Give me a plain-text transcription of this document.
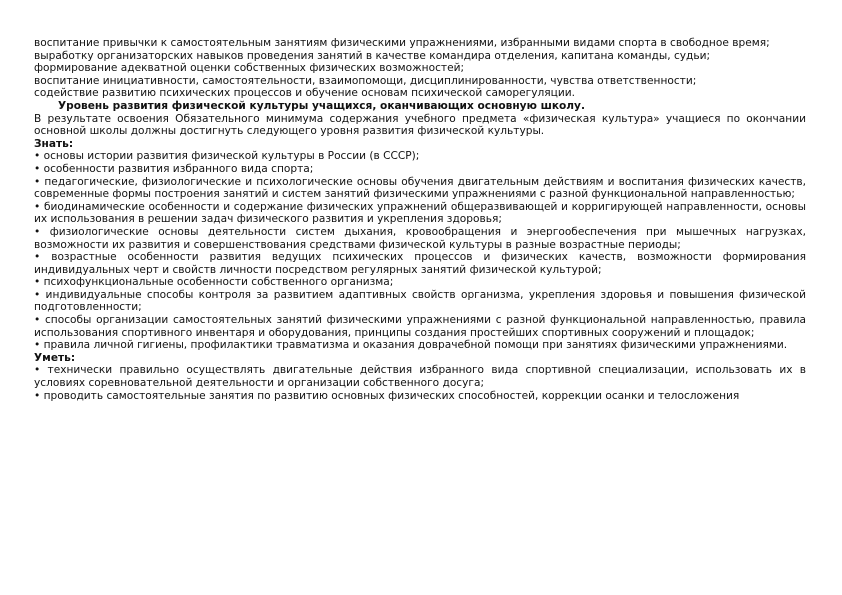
воспитание привычки к самостоятельным занятиям физическими упражнениями, избранными видами спорта в свободное время;

выработку организаторских навыков проведения занятий в качестве командира отделения, капитана команды, судьи;

формирование адекватной оценки собственных физических возможностей;

воспитание инициативности, самостоятельности, взаимопомощи, дисциплинированности, чувства ответственности;

содействие развитию психических процессов и обучение основам психической саморегуляции.

Уровень развития физической культуры учащихся, оканчивающих основную школу.

В результате освоения Обязательного минимума содержания учебного предмета «физическая культура» учащиеся по окончании основной школы должны достигнуть следующего уровня развития физической культуры.

Знать:

• основы истории развития физической культуры в России (в СССР);

• особенности развития избранного вида спорта;

• педагогические, физиологические и психологические основы обучения двигательным действиям и воспитания физических качеств, современные формы построения занятий и систем занятий физическими упражнениями с разной функциональной направленностью;

• биодинамические особенности и содержание физических упражнений общеразвивающей и корригирующей направленности, основы их использования в решении задач физического развития и укрепления здоровья;

• физиологические основы деятельности систем дыхания, кровообращения и энергообеспечения при мышечных нагрузках, возможности их развития и совершенствования средствами физической культуры в разные возрастные периоды;

• возрастные особенности развития ведущих психических процессов и физических качеств, возможности формирования индивидуальных черт и свойств личности посредством регулярных занятий физической культурой;

• психофункциональные особенности собственного организма;

• индивидуальные способы контроля за развитием адаптивных свойств организма, укрепления здоровья и повышения физической подготовленности;

• способы организации самостоятельных занятий физическими упражнениями с разной функциональной направленностью, правила использования спортивного инвентаря и оборудования, принципы создания простейших спортивных сооружений и площадок;

• правила личной гигиены, профилактики травматизма и оказания доврачебной помощи при занятиях физическими упражнениями.

Уметь:

• технически правильно осуществлять двигательные действия избранного вида спортивной специализации, использовать их в условиях соревновательной деятельности и организации собственного досуга;

• проводить самостоятельные занятия по развитию основных физических способностей, коррекции осанки и телосложения
